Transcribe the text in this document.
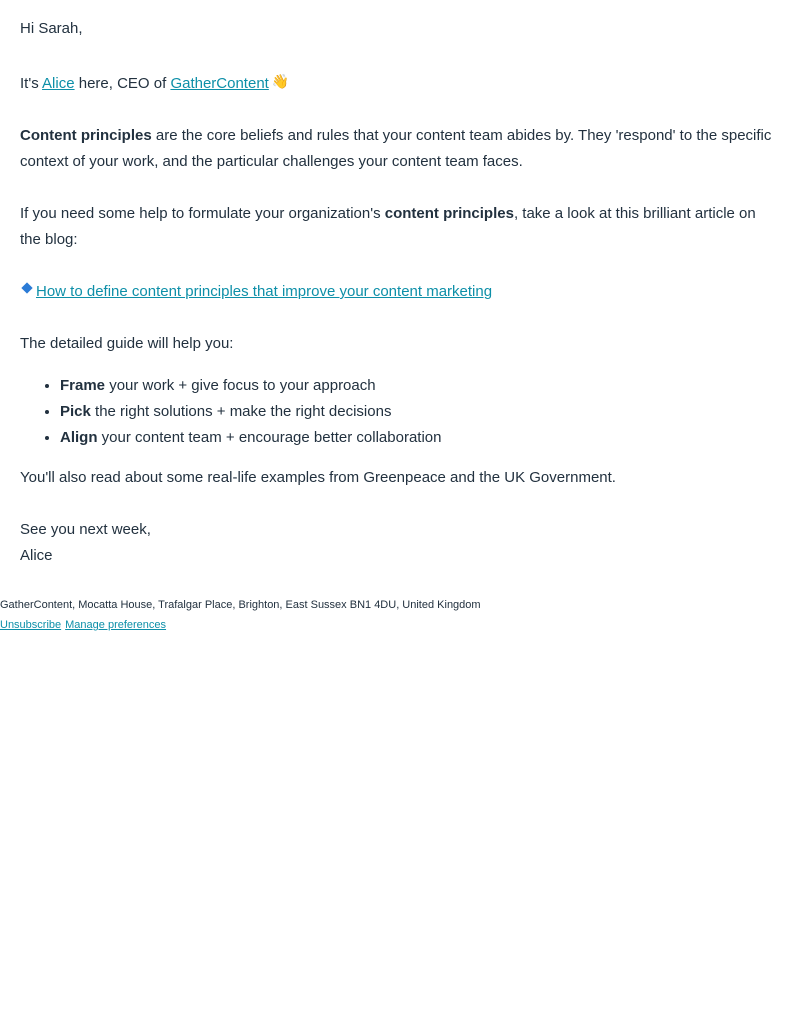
Hi Sarah,

It's Alice here, CEO of GatherContent 👋

Content principles are the core beliefs and rules that your content team abides by. They 'respond' to the specific context of your work, and the particular challenges your content team faces.

If you need some help to formulate your organization's content principles, take a look at this brilliant article on the blog:

How to define content principles that improve your content marketing

The detailed guide will help you:

• Frame your work + give focus to your approach
• Pick the right solutions + make the right decisions
• Align your content team + encourage better collaboration

You'll also read about some real-life examples from Greenpeace and the UK Government.

See you next week,

Alice

GatherContent, Mocatta House, Trafalgar Place, Brighton, East Sussex BN1 4DU, United Kingdom
Unsubscribe Manage preferences
